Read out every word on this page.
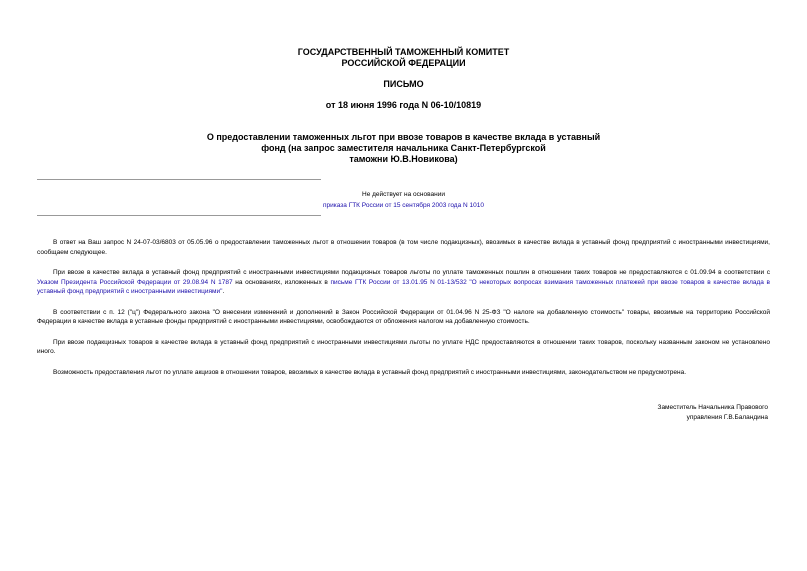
ГОСУДАРСТВЕННЫЙ ТАМОЖЕННЫЙ КОМИТЕТ
РОССИЙСКОЙ ФЕДЕРАЦИИ
ПИСЬМО
от 18 июня 1996 года N 06-10/10819
О предоставлении таможенных льгот при ввозе товаров в качестве вклада в уставный
фонд (на запрос заместителя начальника Санкт-Петербургской
таможни Ю.В.Новикова)
Не действует на основании
приказа ГТК России от 15 сентября 2003 года N 1010

В ответ на Ваш запрос N 24-07-03/6803 от 05.05.96 о предоставлении таможенных льгот в отношении товаров (в том числе подакцизных), ввозимых в качестве вклада в уставный фонд предприятий с иностранными инвестициями, сообщаем следующее.

При ввозе в качестве вклада в уставный фонд предприятий с иностранными инвестициями подакцизных товаров льготы по уплате таможенных пошлин в отношении таких товаров не предоставляются с 01.09.94 в соответствии с Указом Президента Российской Федерации от 29.08.94 N 1787 на основаниях, изложенных в письме ГТК России от 13.01.95 N 01-13/532 "О некоторых вопросах взимания таможенных платежей при ввозе товаров в качестве вклада в уставный фонд предприятий с иностранными инвестициями".

В соответствии с п. 12 ("ц") Федерального закона "О внесении изменений и дополнений в Закон Российской Федерации от 01.04.96 N 25-ФЗ "О налоге на добавленную стоимость" товары, ввозимые на территорию Российской Федерации в качестве вклада в уставные фонды предприятий с иностранными инвестициями, освобождаются от обложения налогом на добавленную стоимость.

При ввозе подакцизных товаров в качестве вклада в уставный фонд предприятий с иностранными инвестициями льготы по уплате НДС предоставляются в отношении таких товаров, поскольку названным законом не установлено иного.

Возможность предоставления льгот по уплате акцизов в отношении товаров, ввозимых в качестве вклада в уставный фонд предприятий с иностранными инвестициями, законодательством не предусмотрена.

Заместитель Начальника Правового
управления Г.В.Баландина
